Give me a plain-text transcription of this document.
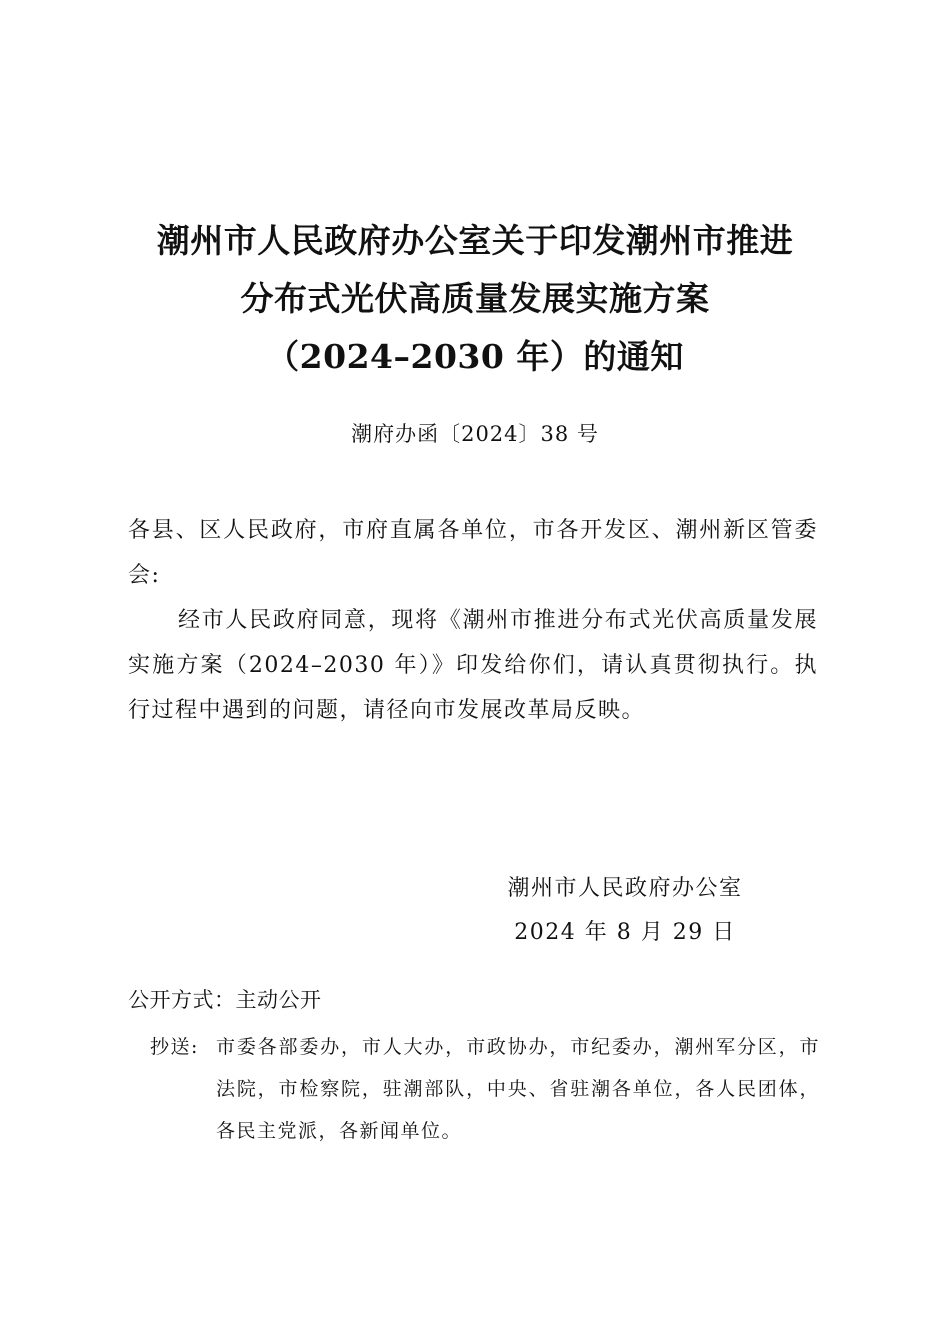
潮州市人民政府办公室关于印发潮州市推进
分布式光伏高质量发展实施方案
（2024–2030 年）的通知
潮府办函〔2024〕38 号
各县、区人民政府，市府直属各单位，市各开发区、潮州新区管委会:
经市人民政府同意，现将《潮州市推进分布式光伏高质量发展实施方案（2024–2030 年）》印发给你们，请认真贯彻执行。执行过程中遇到的问题，请径向市发展改革局反映。
潮州市人民政府办公室
2024 年 8 月 29 日
公开方式：主动公开
抄送: 市委各部委办，市人大办，市政协办，市纪委办，潮州军分区，市法院，市检察院，驻潮部队，中央、省驻潮各单位，各人民团体，各民主党派，各新闻单位。
